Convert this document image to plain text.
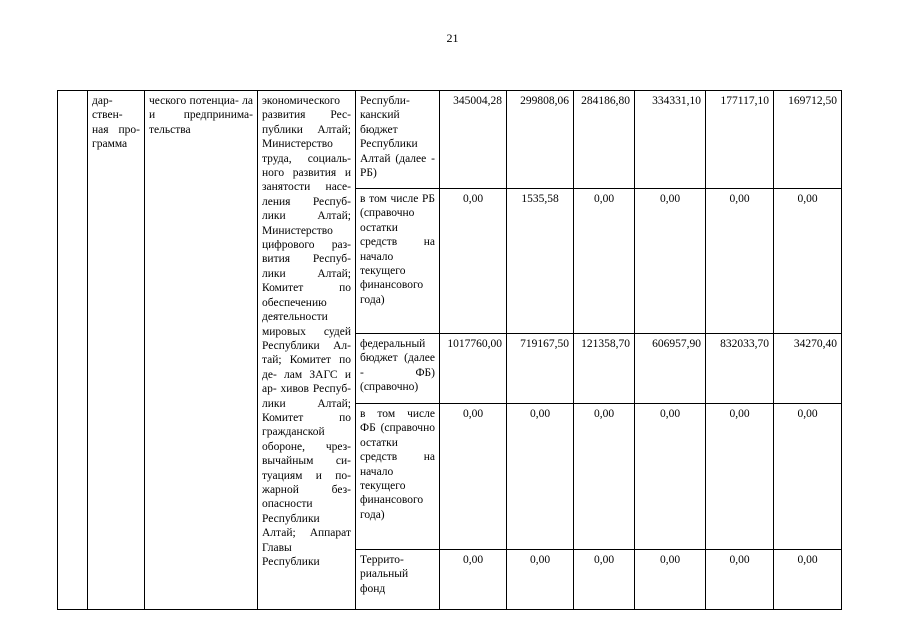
21
	дар- ствен- ная про- грамма	ческого потенциа- ла и предпринима- тельства	экономического развития Рес- публики Алтай; Министерство труда, социаль- ного развития и занятости насе- ления Респуб- лики Алтай; Министерство цифрового раз- вития Респуб- лики Алтай; Комитет по обеспечению деятельности мировых судей Республики Ал- тай; Комитет по де- лам ЗАГС и ар- хивов Респуб- лики Алтай; Комитет по гражданской обороне, чрез- вычайным си- туациям и по- жарной без- опасности Республики Алтай; Аппарат Главы Республики	Республи- канский бюджет Республики Алтай (далее - РБ)	345004,28	299808,06	284186,80	334331,10	177117,10	169712,50
				в том числе РБ (справочно остатки средств на начало текущего финансового года)	0,00	1535,58	0,00	0,00	0,00	0,00
				федеральный бюджет (далее - ФБ) (справочно)	1017760,00	719167,50	121358,70	606957,90	832033,70	34270,40
				в том числе ФБ (справочно остатки средств на начало текущего финансового года)	0,00	0,00	0,00	0,00	0,00	0,00
				Террито- риальный фонд	0,00	0,00	0,00	0,00	0,00	0,00
